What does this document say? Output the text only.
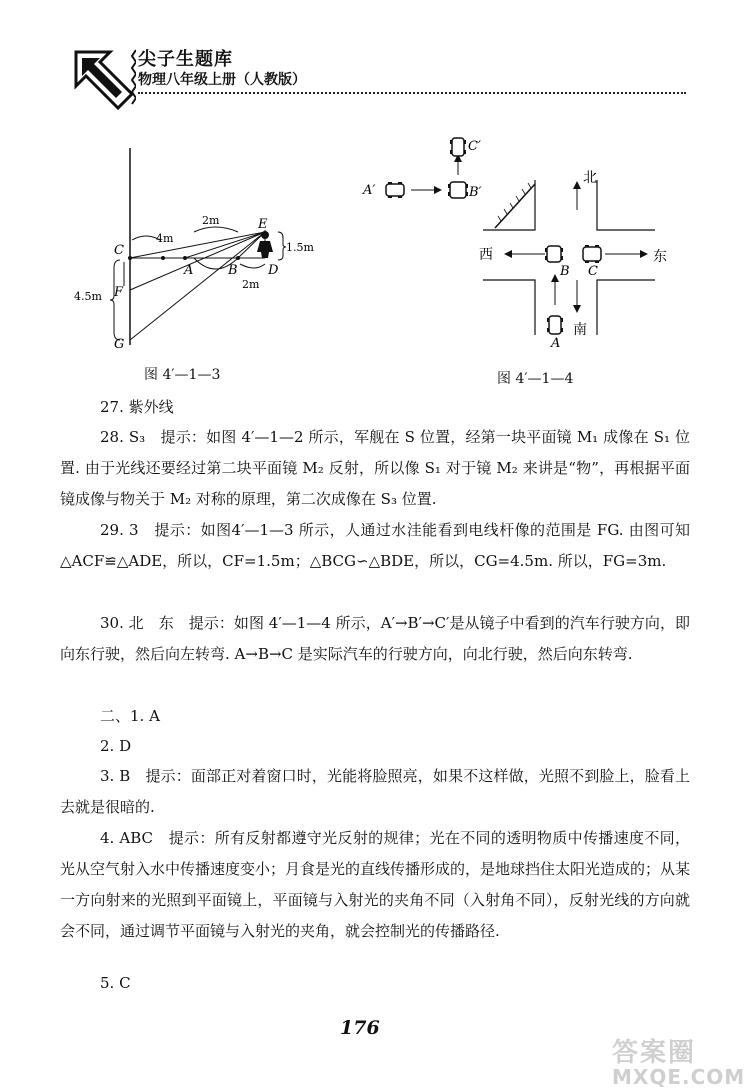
尖子生题库
物理八年级上册（人教版）
C
A	B D
E
F
G
4m
2m
2m
1.5m
4.5m
图 4′—1—3
C′
A′	B′
北
西	东
南
B C
A
图 4′—1—4
27. 紫外线
28. S₃　提示：如图 4′—1—2 所示，军舰在 S 位置，经第一块平面镜 M₁ 成像在 S₁ 位置. 由于光线还要经过第二块平面镜 M₂ 反射，所以像 S₁ 对于镜 M₂ 来讲是“物”，再根据平面镜成像与物关于 M₂ 对称的原理，第二次成像在 S₃ 位置.
29. 3　提示：如图4′—1—3 所示，人通过水洼能看到电线杆像的范围是 FG. 由图可知△ACF≌△ADE，所以，CF=1.5m；△BCG∽△BDE，所以，CG=4.5m. 所以，FG=3m.
30. 北　东　提示：如图 4′—1—4 所示，A′→B′→C′是从镜子中看到的汽车行驶方向，即向东行驶，然后向左转弯. A→B→C 是实际汽车的行驶方向，向北行驶，然后向东转弯.
二、1. A
2. D
3. B　提示：面部正对着窗口时，光能将脸照亮，如果不这样做，光照不到脸上，脸看上去就是很暗的.
4. ABC　提示：所有反射都遵守光反射的规律；光在不同的透明物质中传播速度不同，光从空气射入水中传播速度变小；月食是光的直线传播形成的，是地球挡住太阳光造成的；从某一方向射来的光照到平面镜上，平面镜与入射光的夹角不同（入射角不同），反射光线的方向就会不同，通过调节平面镜与入射光的夹角，就会控制光的传播路径.
5. C
176
答案圈
MXQE.COM
